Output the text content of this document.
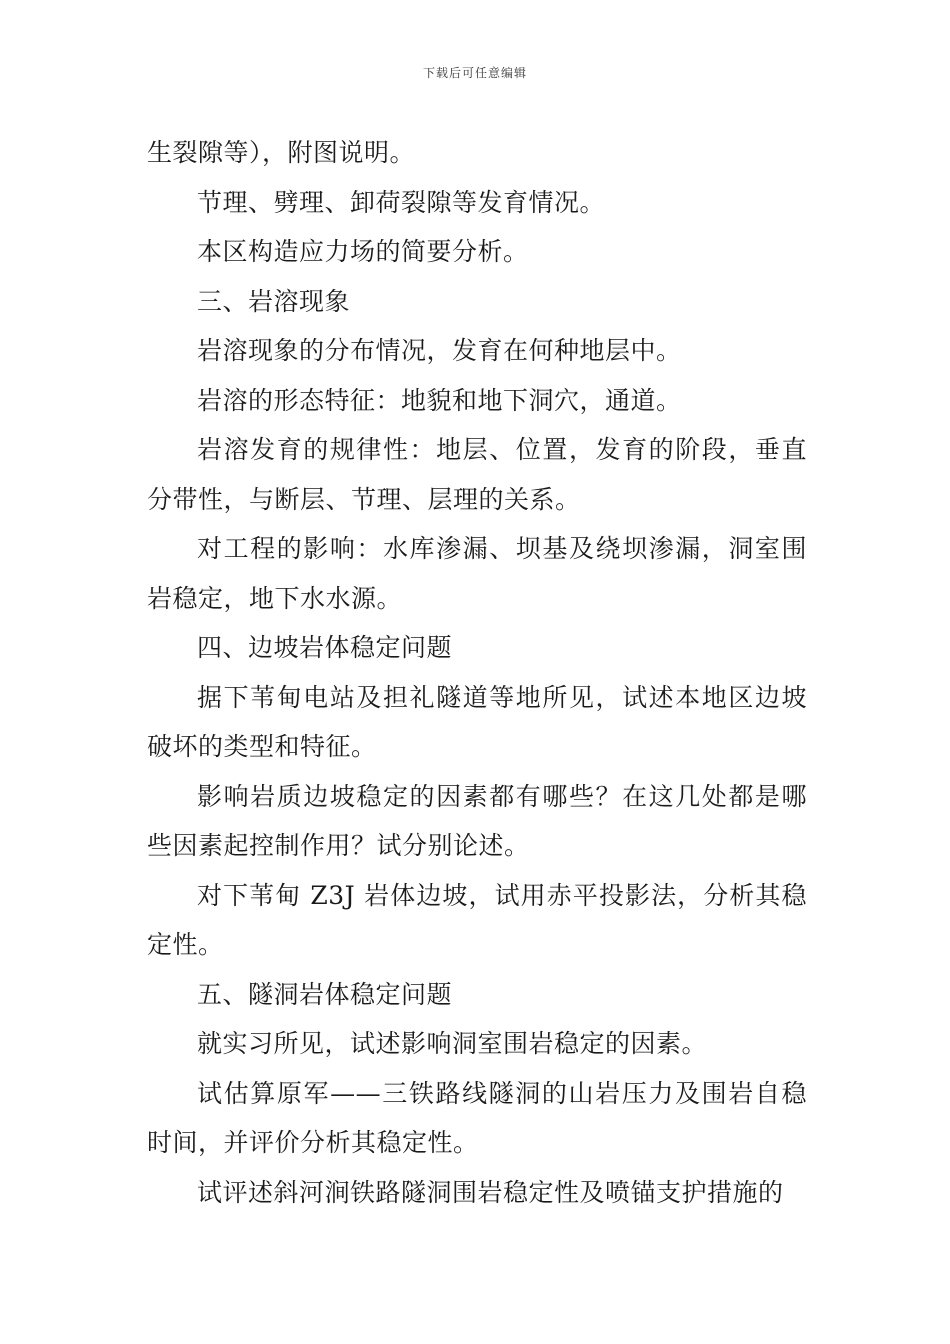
下载后可任意编辑

生裂隙等），附图说明。

节理、劈理、卸荷裂隙等发育情况。

本区构造应力场的简要分析。

三、岩溶现象

岩溶现象的分布情况，发育在何种地层中。

岩溶的形态特征：地貌和地下洞穴，通道。

岩溶发育的规律性：地层、位置，发育的阶段，垂直分带性，与断层、节理、层理的关系。

对工程的影响：水库渗漏、坝基及绕坝渗漏，洞室围岩稳定，地下水水源。

四、边坡岩体稳定问题

据下苇甸电站及担礼隧道等地所见，试述本地区边坡破坏的类型和特征。

影响岩质边坡稳定的因素都有哪些？在这几处都是哪些因素起控制作用？试分别论述。

对下苇甸 Z3J 岩体边坡，试用赤平投影法，分析其稳定性。

五、隧洞岩体稳定问题

就实习所见，试述影响洞室围岩稳定的因素。

试估算原军——三铁路线隧洞的山岩压力及围岩自稳时间，并评价分析其稳定性。

试评述斜河涧铁路隧洞围岩稳定性及喷锚支护措施的
